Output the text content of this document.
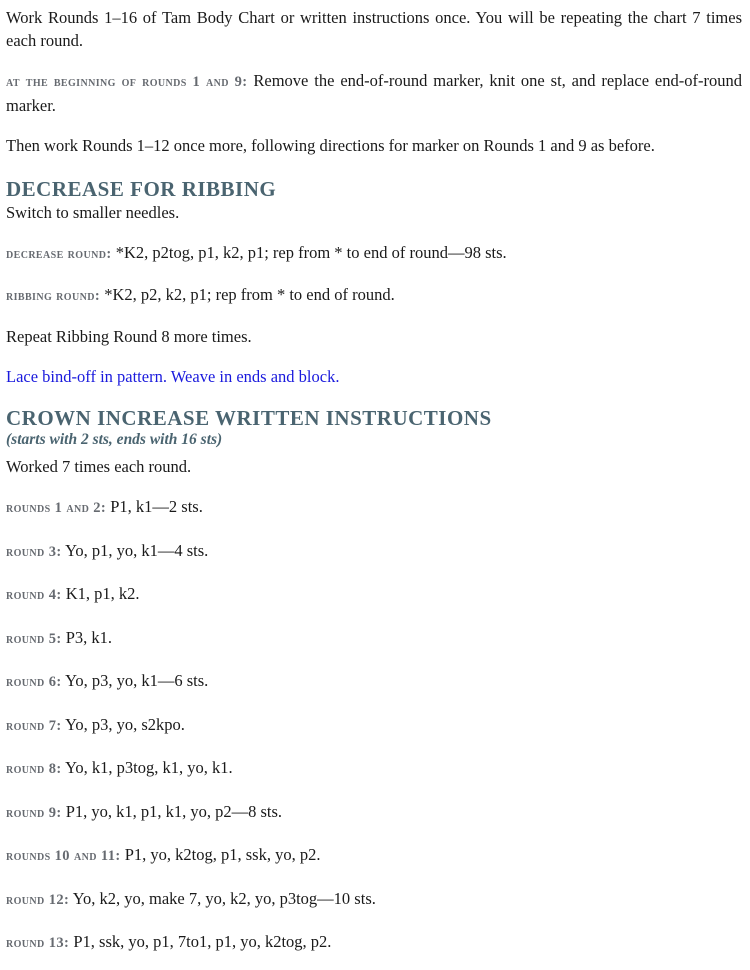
Work Rounds 1–16 of Tam Body Chart or written instructions once. You will be repeating the chart 7 times each round.

at the beginning of rounds 1 and 9: Remove the end-of-round marker, knit one st, and replace end-of-round marker.

Then work Rounds 1–12 once more, following directions for marker on Rounds 1 and 9 as before.

DECREASE FOR RIBBING

Switch to smaller needles.

decrease round: *K2, p2tog, p1, k2, p1; rep from * to end of round—98 sts.

ribbing round: *K2, p2, k2, p1; rep from * to end of round.

Repeat Ribbing Round 8 more times.

Lace bind-off in pattern. Weave in ends and block.

CROWN INCREASE WRITTEN INSTRUCTIONS

(starts with 2 sts, ends with 16 sts)

Worked 7 times each round.

rounds 1 and 2: P1, k1—2 sts.

round 3: Yo, p1, yo, k1—4 sts.

round 4: K1, p1, k2.

round 5: P3, k1.

round 6: Yo, p3, yo, k1—6 sts.

round 7: Yo, p3, yo, s2kpo.

round 8: Yo, k1, p3tog, k1, yo, k1.

round 9: P1, yo, k1, p1, k1, yo, p2—8 sts.

rounds 10 and 11: P1, yo, k2tog, p1, ssk, yo, p2.

round 12: Yo, k2, yo, make 7, yo, k2, yo, p3tog—10 sts.

round 13: P1, ssk, yo, p1, 7to1, p1, yo, k2tog, p2.
